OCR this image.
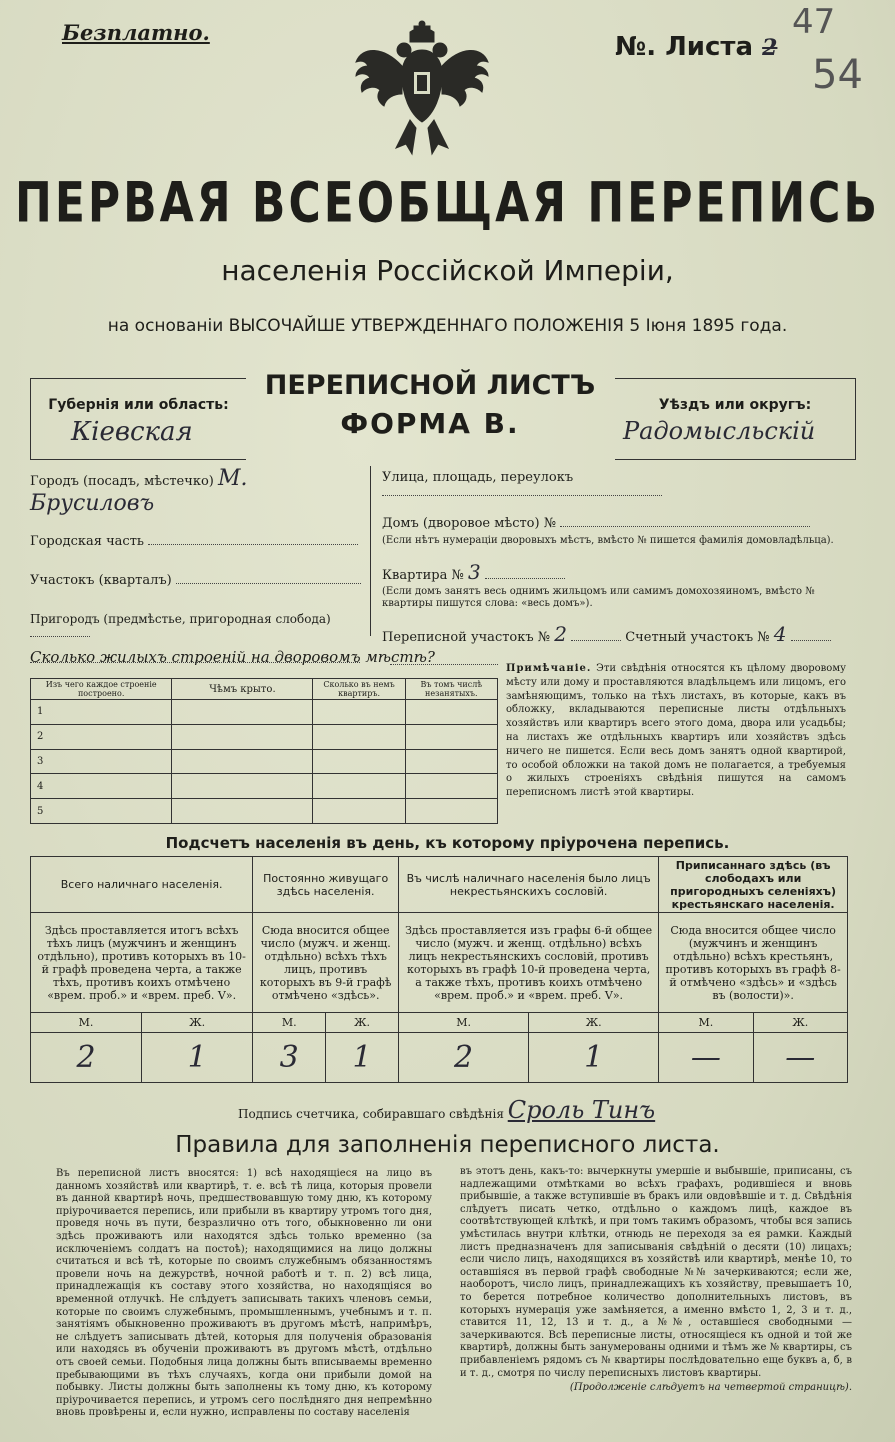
Безплатно.	№. Листа 2
47
54
ПЕРВАЯ ВСЕОБЩАЯ ПЕРЕПИСЬ
населенія Россійской Имперіи,
на основаніи ВЫСОЧАЙШЕ УТВЕРЖДЕННАГО ПОЛОЖЕНІЯ 5 Іюня 1895 года.
Губернія или область:
Кіевская
ПЕРЕПИСНОЙ ЛИСТЪ
ФОРМА В.
Уѣздъ или округъ:
Радомысльскій
Городъ (посадъ, мѣстечко) М. Брусиловъ
Городская часть
Участокъ (кварталъ)
Пригородъ (предмѣстье, пригородная слобода)
Улица, площадь, переулокъ
Домъ (дворовое мѣсто) №
(Если нѣтъ нумераціи дворовыхъ мѣстъ, вмѣсто № пишется фамилія домовладѣльца).
Квартира № 3
(Если домъ занятъ весь однимъ жильцомъ или самимъ домохозяиномъ, вмѣсто № квартиры пишутся слова: «весь домъ»).
Переписной участокъ № 2	Счетный участокъ № 4
Сколько жилыхъ строеній на дворовомъ мѣстѣ?
Изъ чего каждое строеніе построено.	Чѣмъ крыто.	Сколько въ немъ квартиръ.	Въ томъ числѣ незанятыхъ.
1			
2			
3			
4			
5			
Примѣчаніе. Эти свѣдѣнія относятся къ цѣлому дворовому мѣсту или дому и проставляются владѣльцемъ или лицомъ, его замѣняющимъ, только на тѣхъ листахъ, въ которые, какъ въ обложку, вкладываются переписные листы отдѣльныхъ хозяйствъ или квартиръ всего этого дома, двора или усадьбы; на листахъ же отдѣльныхъ квартиръ или хозяйствъ здѣсь ничего не пишется. Если весь домъ занятъ одной квартирой, то особой обложки на такой домъ не полагается, а требуемыя о жилыхъ строеніяхъ свѣдѣнія пишутся на самомъ переписномъ листѣ этой квартиры.
Подсчетъ населенія въ день, къ которому пріурочена перепись.
Всего наличнаго населенія.		Постоянно живущаго здѣсь населенія.		Въ числѣ наличнаго населенія было лицъ некрестьянскихъ сословій.		Приписаннаго здѣсь (въ слободахъ или пригородныхъ селеніяхъ) крестьянскаго населенія.	
Здѣсь проставляется итогъ всѣхъ тѣхъ лицъ (мужчинъ и женщинъ отдѣльно), противъ которыхъ въ 10-й графѣ проведена черта, а также тѣхъ, противъ коихъ отмѣчено «врем. проб.» и «врем. преб. V».		Сюда вносится общее число (мужч. и женщ. отдѣльно) всѣхъ тѣхъ лицъ, противъ которыхъ въ 9-й графѣ отмѣчено «здѣсь».		Здѣсь проставляется изъ графы 6-й общее число (мужч. и женщ. отдѣльно) всѣхъ лицъ некрестьянскихъ сословій, противъ которыхъ въ графѣ 10-й проведена черта, а также тѣхъ, противъ коихъ отмѣчено «врем. проб.» и «врем. преб. V».		Сюда вносится общее число (мужчинъ и женщинъ отдѣльно) всѣхъ крестьянъ, противъ которыхъ въ графѣ 8-й отмѣчено «здѣсь» и «здѣсь въ (волости)».	
М.	Ж.	М.	Ж.	М.	Ж.	М.	Ж.
2	1	3	1	2	1	—	—
Подпись счетчика, собиравшаго свѣдѣнія Сроль Тинъ
Правила для заполненія переписного листа.
Въ переписной листъ вносятся: 1) всѣ находящіеся на лицо въ данномъ хозяйствѣ или квартирѣ, т. е. всѣ тѣ лица, которыя провели въ данной квартирѣ ночь, предшествовавшую тому дню, къ которому пріурочивается перепись, или прибыли въ квартиру утромъ того дня, проведя ночь въ пути, безразлично отъ того, обыкновенно ли они здѣсь проживаютъ или находятся здѣсь только временно (за исключеніемъ солдатъ на постоѣ); находящимися на лицо должны считаться и всѣ тѣ, которые по своимъ служебнымъ обязанностямъ провели ночь на дежурствѣ, ночной работѣ и т. п. 2) всѣ лица, принадлежащія къ составу этого хозяйства, но находящіяся во временной отлучкѣ. Не слѣдуетъ записывать такихъ членовъ семьи, которые по своимъ служебнымъ, промышленнымъ, учебнымъ и т. п. занятіямъ обыкновенно проживаютъ въ другомъ мѣстѣ, напримѣръ, не слѣдуетъ записывать дѣтей, которыя для полученія образованія или находясь въ обученіи проживаютъ въ другомъ мѣстѣ, отдѣльно отъ своей семьи. Подобныя лица должны быть вписываемы временно пребывающими въ тѣхъ случаяхъ, когда они прибыли домой на побывку. Листы должны быть заполнены къ тому дню, къ которому пріурочивается перепись, и утромъ сего послѣдняго дня непремѣнно вновь провѣрены и, если нужно, исправлены по составу населенія
въ этотъ день, какъ-то: вычеркнуты умершіе и выбывшіе, приписаны, съ надлежащими отмѣтками во всѣхъ графахъ, родившіеся и вновь прибывшіе, а также вступившіе въ бракъ или овдовѣвшіе и т. д. Свѣдѣнія слѣдуетъ писать четко, отдѣльно о каждомъ лицѣ, каждое въ соотвѣтствующей клѣткѣ, и при томъ такимъ образомъ, чтобы вся запись умѣстилась внутри клѣтки, отнюдь не переходя за ея рамки. Каждый листъ предназначенъ для записыванія свѣдѣній о десяти (10) лицахъ; если число лицъ, находящихся въ хозяйствѣ или квартирѣ, менѣе 10, то оставшіяся въ первой графѣ свободные №№ зачеркиваются; если же, наоборотъ, число лицъ, принадлежащихъ къ хозяйству, превышаетъ 10, то берется потребное количество дополнительныхъ листовъ, въ которыхъ нумерація уже замѣняется, а именно вмѣсто 1, 2, 3 и т. д., ставится 11, 12, 13 и т. д., а №№, оставшіеся свободными — зачеркиваются. Всѣ переписные листы, относящіеся къ одной и той же квартирѣ, должны быть занумерованы одними и тѣмъ же № квартиры, съ прибавленіемъ рядомъ съ № квартиры послѣдовательно еще буквъ а, б, в и т. д., смотря по числу переписныхъ листовъ квартиры.
(Продолженіе слѣдуетъ на четвертой страницѣ).
